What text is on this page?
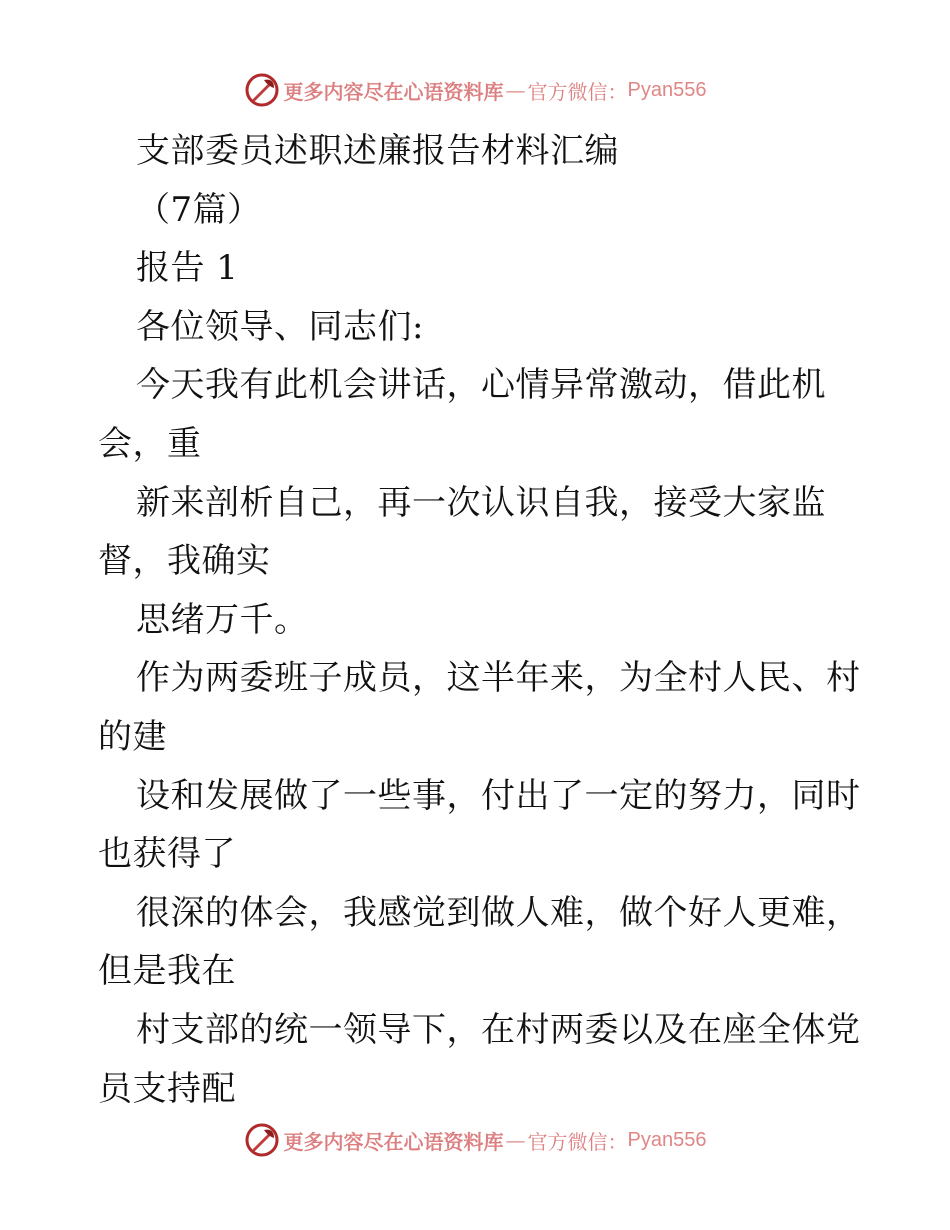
更多内容尽在心语资料库 — 官方微信： Pyan556
支部委员述职述廉报告材料汇编
（7篇）
报告 1
各位领导、同志们:
今天我有此机会讲话，心情异常激动，借此机
会，重
新来剖析自己，再一次认识自我，接受大家监
督，我确实
思绪万千。
作为两委班子成员，这半年来，为全村人民、村
的建
设和发展做了一些事，付出了一定的努力，同时
也获得了
很深的体会，我感觉到做人难，做个好人更难，
但是我在
村支部的统一领导下，在村两委以及在座全体党
员支持配
更多内容尽在心语资料库 — 官方微信： Pyan556
